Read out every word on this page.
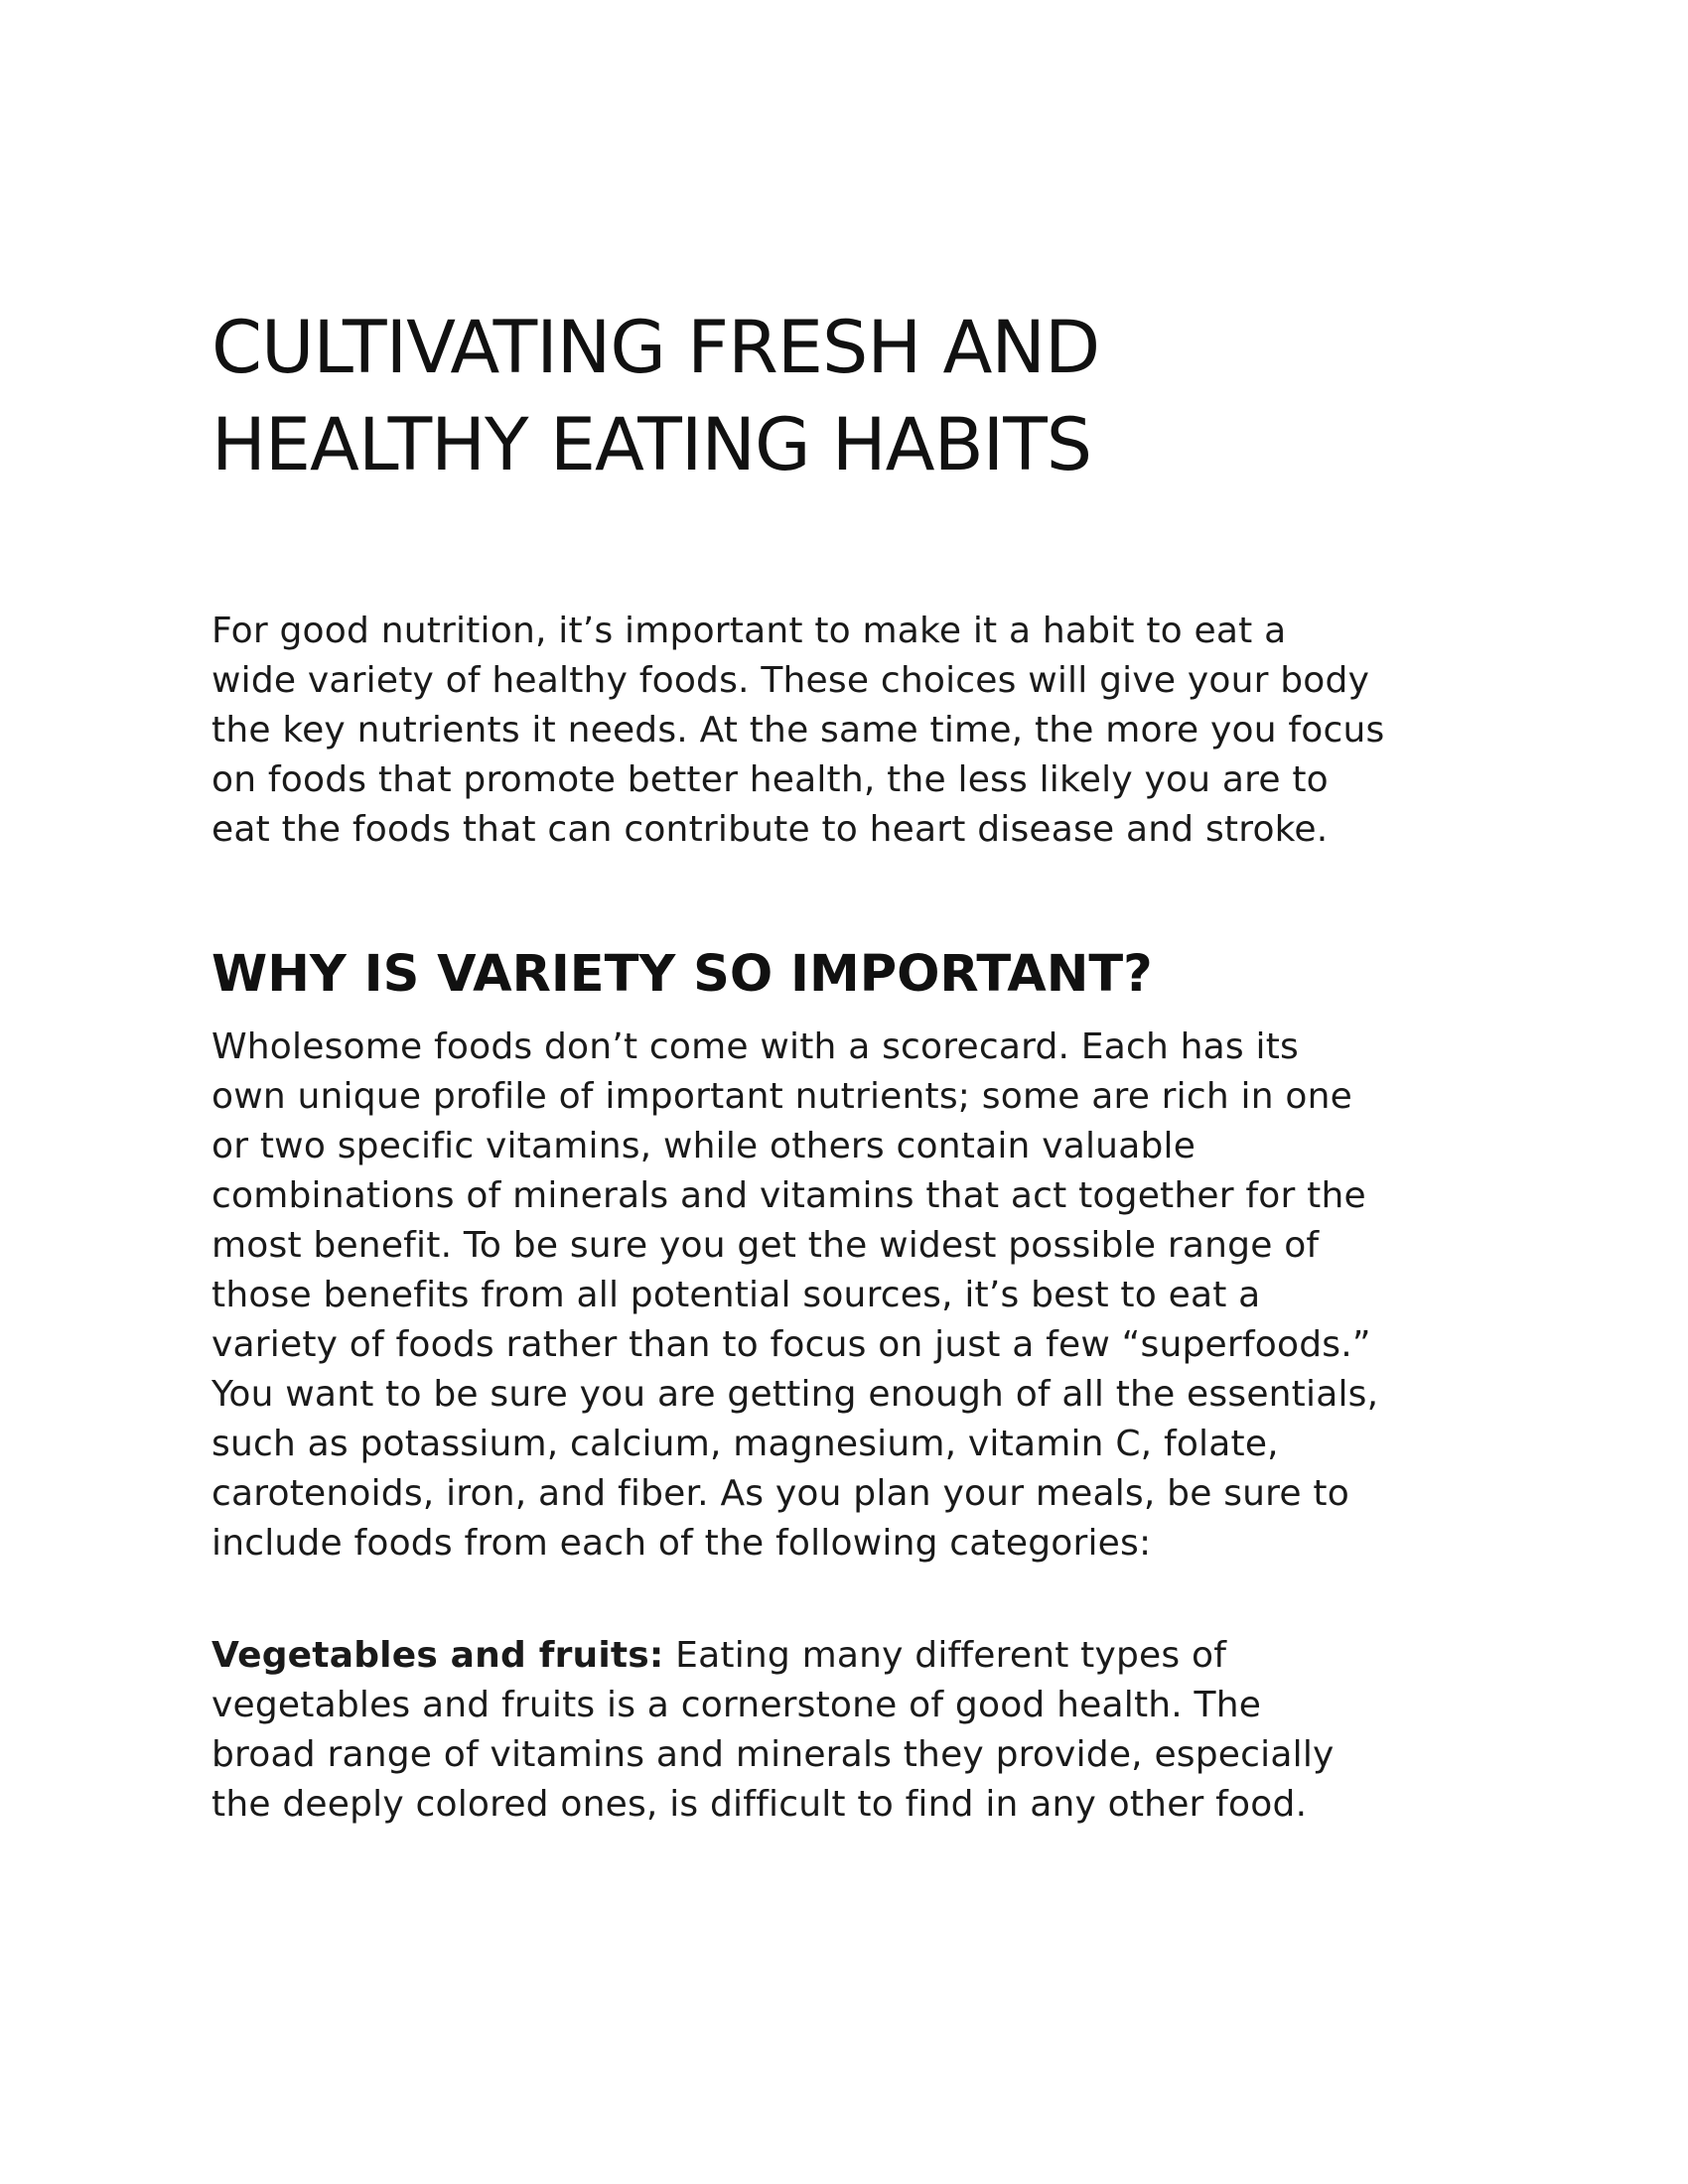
CULTIVATING FRESH AND
HEALTHY EATING HABITS

For good nutrition, it’s important to make it a habit to eat a
wide variety of healthy foods. These choices will give your body
the key nutrients it needs. At the same time, the more you focus
on foods that promote better health, the less likely you are to
eat the foods that can contribute to heart disease and stroke.

WHY IS VARIETY SO IMPORTANT?

Wholesome foods don’t come with a scorecard. Each has its
own unique profile of important nutrients; some are rich in one
or two specific vitamins, while others contain valuable
combinations of minerals and vitamins that act together for the
most benefit. To be sure you get the widest possible range of
those benefits from all potential sources, it’s best to eat a
variety of foods rather than to focus on just a few “superfoods.”
You want to be sure you are getting enough of all the essentials,
such as potassium, calcium, magnesium, vitamin C, folate,
carotenoids, iron, and fiber. As you plan your meals, be sure to
include foods from each of the following categories:

Vegetables and fruits: Eating many different types of
vegetables and fruits is a cornerstone of good health. The
broad range of vitamins and minerals they provide, especially
the deeply colored ones, is difficult to find in any other food.
